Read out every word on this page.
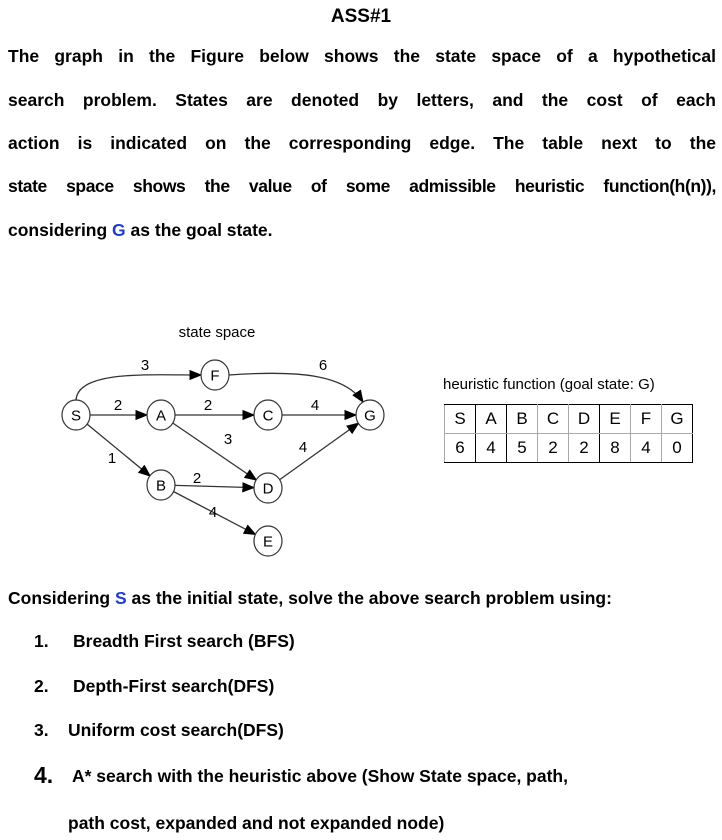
ASS#1
The graph in the Figure below shows the state space of a hypothetical
search problem. States are denoted by letters, and the cost of each
action is indicated on the corresponding edge. The table next to the
state space shows the value of some admissible heuristic function(h(n)),
considering G as the goal state.
state space
3	6
2	2	4
3
1
2
4
4
S	A
B
C
D
E
F
G
heuristic function (goal state: G)
S	A	B	C	D	E	F	G
6	4	5	2	2	8	4	0
Considering S as the initial state, solve the above search problem using:
1. Breadth First search (BFS)
2. Depth-First search(DFS)
3. Uniform cost search(DFS)
4. A* search with the heuristic above (Show State space, path,
path cost, expanded and not expanded node)
